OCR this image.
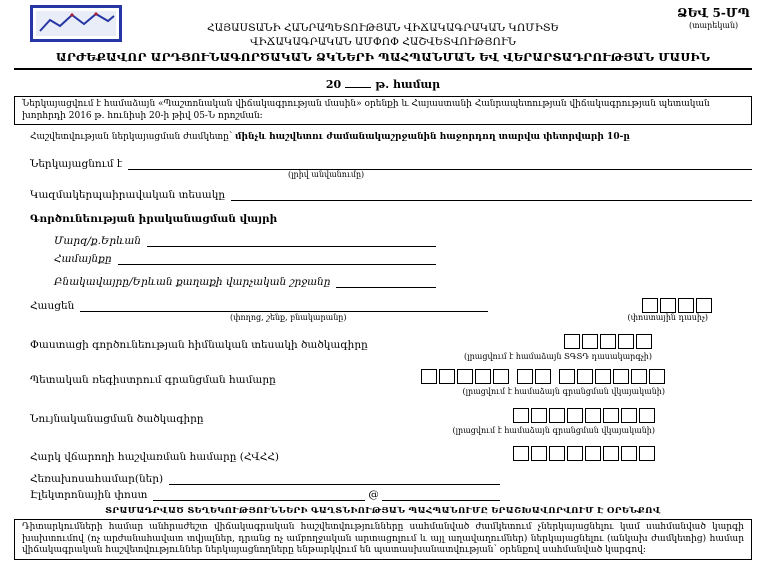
ՀԱՅԱՍՏԱՆԻ ՀԱՆՐԱՊԵՏՈՒԹՅԱՆ ՎԻՃԱԿԱԳՐԱԿԱՆ ԿՈՄԻՏԵ
ՎԻՃԱԿԱԳՐԱԿԱՆ ԱՄՓՈՓ ՀԱՇՎԵՏՎՈՒԹՅՈՒՆ
ԱՐԺԵՔԱՎՈՐ ԱՐԴՅՈՒՆԱԳՈՐԾԱԿԱՆ ՁԿՆԵՐԻ ՊԱՀՊԱՆՄԱՆ ԵՎ ՎԵՐԱՐՏԱԴՐՈՒԹՅԱՆ ՄԱՍԻՆ
ՁԵՎ 5-ՄՊ
(տարեկան)
20	թ. համար
Ներկայացվում է համաձայն «Պաշտոնական վիճակագրության մասին» օրենքի և Հայաստանի Հանրապետության վիճակագրության պետական խորհրդի 2016 թ. հունիսի 20-ի թիվ 05-Ն որոշման:
Հաշվետվության ներկայացման ժամկետը՝ մինչև հաշվետու ժամանակաշրջանին հաջորդող տարվա փետրվարի 10-ը
Ներկայացնում է
(լրիվ անվանումը)
Կազմակերպաիրավական տեսակը
Գործունեության իրականացման վայրի
Մարզ/ք.Երևան
Համայնքը
Բնակավայրը/Երևան քաղաքի վարչական շրջանը
Հասցեն
(փողոց, շենք, բնակարանը)	(փոստային դասիչ)
Փաստացի գործունեության հիմնական տեսակի ծածկագիրը
(լրացվում է համաձայն ՏԳՏԴ դասակարգչի)
Պետական ռեգիստրում գրանցման համարը
(լրացվում է համաձայն գրանցման վկայականի)
Նույնականացման ծածկագիրը
(լրացվում է համաձայն գրանցման վկայականի)
Հարկ վճարողի հաշվառման համարը (ՀՎՀՀ)
Հեռախոսահամար(ներ)
Էլեկտրոնային փոստ	@
ՏՐԱՄԱԴՐՎԱԾ ՏԵՂԵԿՈՒԹՅՈՒՆՆԵՐԻ ԳԱՂՏՆԻՈՒԹՅԱՆ ՊԱՀՊԱՆՈՒՄԸ ԵՐԱՇԽԱՎՈՐՎՈՒՄ Է ՕՐԵՆՔՈՎ
Դիտարկումների համար անհրաժեշտ վիճակագրական հաշվետվությունները սահմանված ժամկետում չներկայացնելու կամ սահմանված կարգի խախտումով (ոչ արժանահավատ տվյալներ, դրանց ոչ ամբողջական արտացոլում և այլ աղավաղումներ) ներկայացնելու (անկախ ժամկետից) համար վիճակագրական հաշվետվություններ ներկայացնողները ենթարկվում են պատասխանատվության՝ օրենքով սահմանված կարգով:
